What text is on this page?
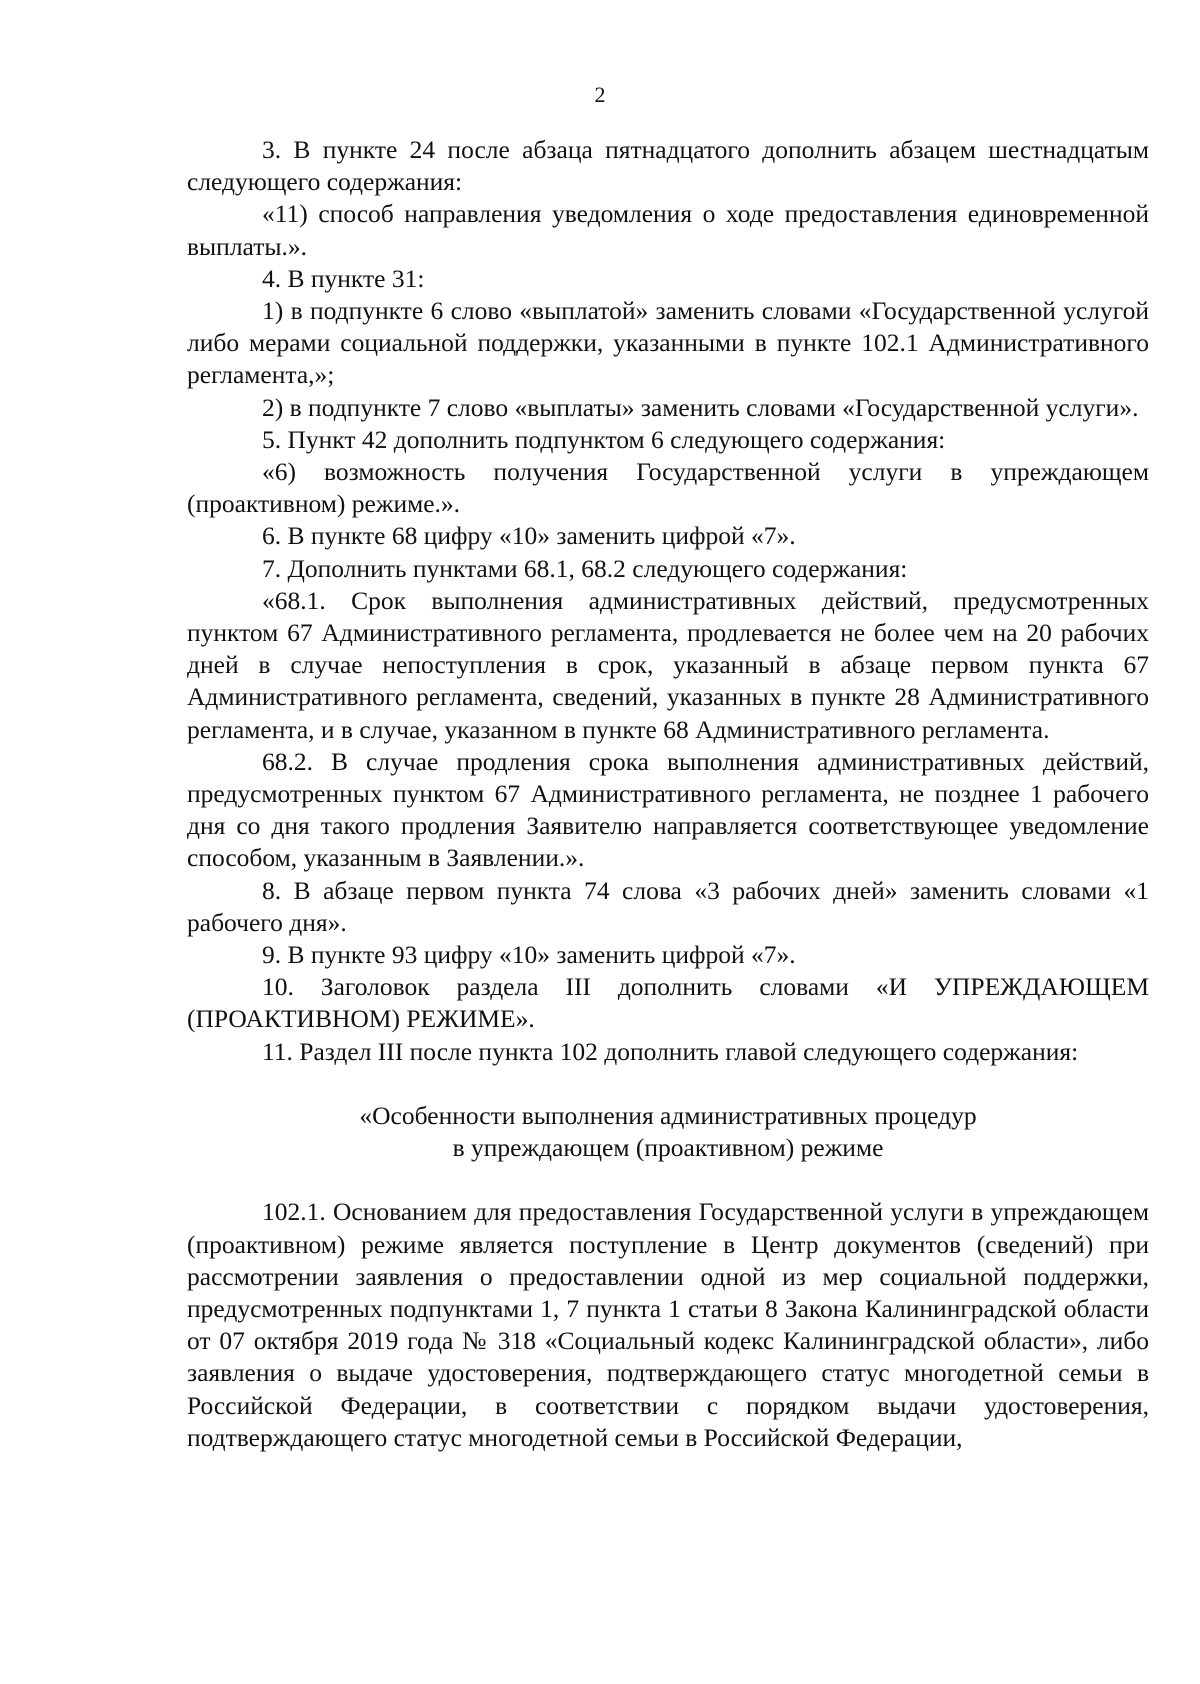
2

3. В пункте 24 после абзаца пятнадцатого дополнить абзацем шестнадцатым следующего содержания:

«11) способ направления уведомления о ходе предоставления единовременной выплаты.».

4. В пункте 31:

1) в подпункте 6 слово «выплатой» заменить словами «Государственной услугой либо мерами социальной поддержки, указанными в пункте 102.1 Административного регламента,»;

2) в подпункте 7 слово «выплаты» заменить словами «Государственной услуги».

5. Пункт 42 дополнить подпунктом 6 следующего содержания:

«6) возможность получения Государственной услуги в упреждающем (проактивном) режиме.».

6. В пункте 68 цифру «10» заменить цифрой «7».

7. Дополнить пунктами 68.1, 68.2 следующего содержания:

«68.1. Срок выполнения административных действий, предусмотренных пунктом 67 Административного регламента, продлевается не более чем на 20 рабочих дней в случае непоступления в срок, указанный в абзаце первом пункта 67 Административного регламента, сведений, указанных в пункте 28 Административного регламента, и в случае, указанном в пункте 68 Административного регламента.

68.2. В случае продления срока выполнения административных действий, предусмотренных пунктом 67 Административного регламента, не позднее 1 рабочего дня со дня такого продления Заявителю направляется соответствующее уведомление способом, указанным в Заявлении.».

8. В абзаце первом пункта 74 слова «3 рабочих дней» заменить словами «1 рабочего дня».

9. В пункте 93 цифру «10» заменить цифрой «7».

10. Заголовок раздела III дополнить словами «И УПРЕЖДАЮЩЕМ (ПРОАКТИВНОМ) РЕЖИМЕ».

11. Раздел III после пункта 102 дополнить главой следующего содержания:

«Особенности выполнения административных процедур

в упреждающем (проактивном) режиме

102.1. Основанием для предоставления Государственной услуги в упреждающем (проактивном) режиме является поступление в Центр документов (сведений) при рассмотрении заявления о предоставлении одной из мер социальной поддержки, предусмотренных подпунктами 1, 7 пункта 1 статьи 8 Закона Калининградской области от 07 октября 2019 года № 318 «Социальный кодекс Калининградской области», либо заявления о выдаче удостоверения, подтверждающего статус многодетной семьи в Российской Федерации, в соответствии с порядком выдачи удостоверения, подтверждающего статус многодетной семьи в Российской Федерации,
